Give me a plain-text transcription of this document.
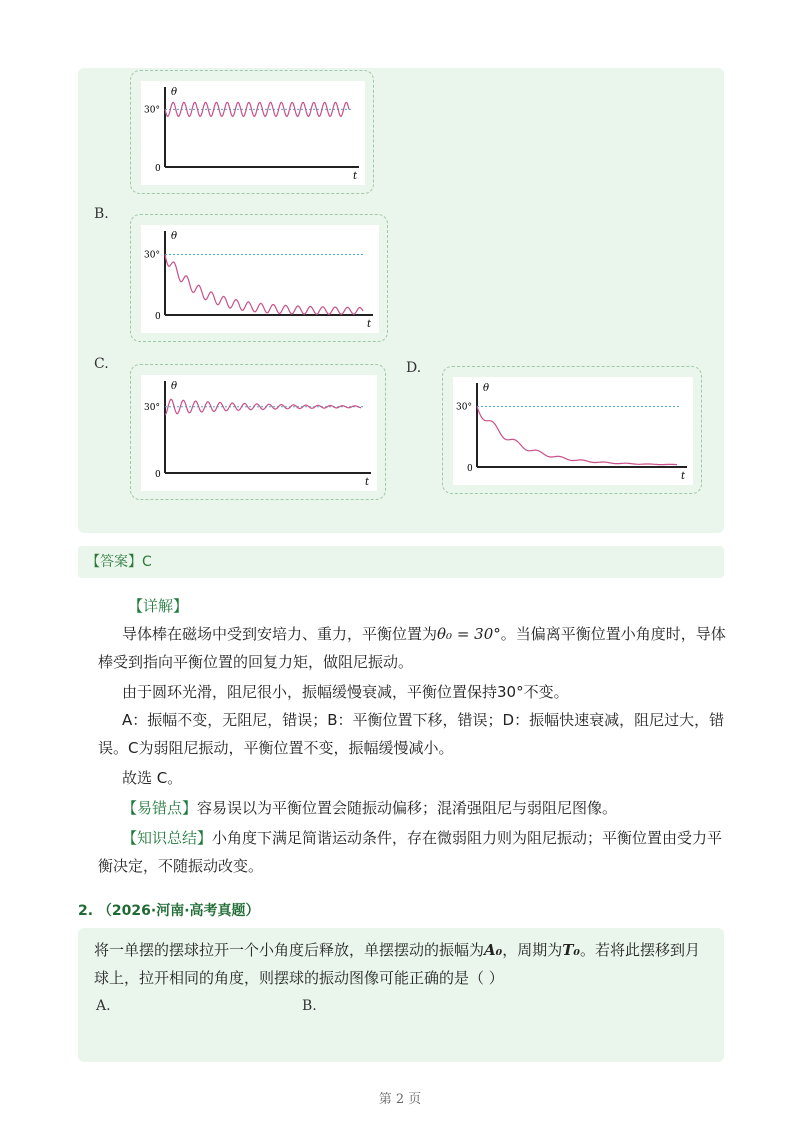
θ
t
0
30°
B.
θ
t
0
30°
C.
θ
t
0
30°
D.
θ
t
0
30°
【答案】C
【详解】
导体棒在磁场中受到安培力、重力，平衡位置为θ₀ = 30°。当偏离平衡位置小角度时，导体棒受到指向平衡位置的回复力矩，做阻尼振动。
由于圆环光滑，阻尼很小，振幅缓慢衰减，平衡位置保持30°不变。
A：振幅不变，无阻尼，错误；B：平衡位置下移，错误；D：振幅快速衰减，阻尼过大，错误。C为弱阻尼振动，平衡位置不变，振幅缓慢减小。
故选 C。
【易错点】容易误以为平衡位置会随振动偏移；混淆强阻尼与弱阻尼图像。
【知识总结】小角度下满足简谐运动条件，存在微弱阻力则为阻尼振动；平衡位置由受力平衡决定，不随振动改变。
2. （2026·河南·高考真题）
将一单摆的摆球拉开一个小角度后释放，单摆摆动的振幅为A₀，周期为T₀。若将此摆移到月球上，拉开相同的角度，则摆球的振动图像可能正确的是（ ）
A.	B.
第 2 页
